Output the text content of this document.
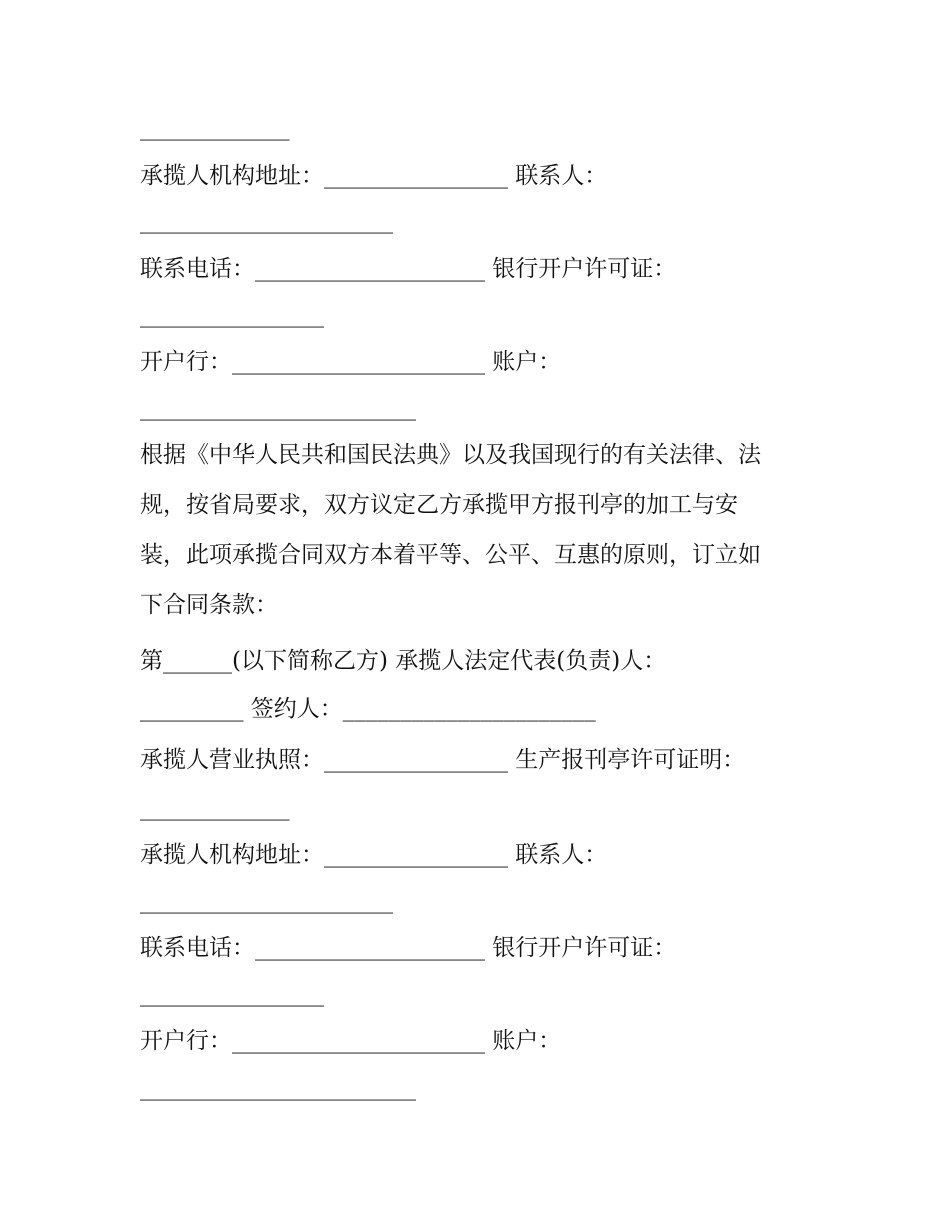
_____________
承揽人机构地址：________________ 联系人：
______________________
联系电话：____________________ 银行开户许可证：
________________
开户行：______________________ 账户：
________________________
根据《中华人民共和国民法典》以及我国现行的有关法律、法
规，按省局要求，双方议定乙方承揽甲方报刊亭的加工与安
装，此项承揽合同双方本着平等、公平、互惠的原则，订立如
下合同条款：
第______(以下简称乙方) 承揽人法定代表(负责)人：
_________ 签约人：______________________
承揽人营业执照：________________ 生产报刊亭许可证明：
_____________
承揽人机构地址：________________ 联系人：
______________________
联系电话：____________________ 银行开户许可证：
________________
开户行：______________________ 账户：
________________________
